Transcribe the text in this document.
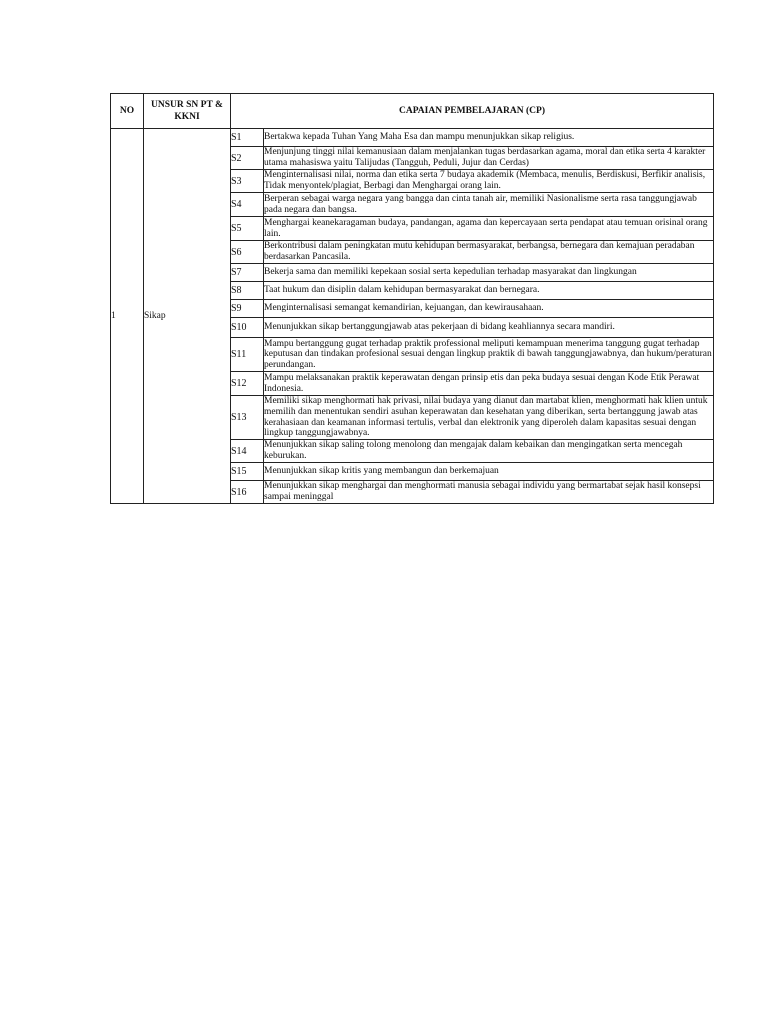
NO	UNSUR SN PT & KKNI	CAPAIAN PEMBELAJARAN (CP)	
1	Sikap	S1	Bertakwa kepada Tuhan Yang Maha Esa dan mampu menunjukkan sikap religius.
		S2	Menjunjung tinggi nilai kemanusiaan dalam menjalankan tugas berdasarkan agama, moral dan etika serta 4 karakter utama mahasiswa yaitu Talijudas (Tangguh, Peduli, Jujur dan Cerdas)
		S3	Menginternalisasi nilai, norma dan etika serta 7 budaya akademik (Membaca, menulis, Berdiskusi, Berfikir analisis, Tidak menyontek/plagiat, Berbagi dan Menghargai orang lain.
		S4	Berperan sebagai warga negara yang bangga dan cinta tanah air, memiliki Nasionalisme serta rasa tanggungjawab pada negara dan bangsa.
		S5	Menghargai keanekaragaman budaya, pandangan, agama dan kepercayaan serta pendapat atau temuan orisinal orang lain.
		S6	Berkontribusi dalam peningkatan mutu kehidupan bermasyarakat, berbangsa, bernegara dan kemajuan peradaban berdasarkan Pancasila.
		S7	Bekerja sama dan memiliki kepekaan sosial serta kepedulian terhadap masyarakat dan lingkungan
		S8	Taat hukum dan disiplin dalam kehidupan bermasyarakat dan bernegara.
		S9	Menginternalisasi semangat kemandirian, kejuangan, dan kewirausahaan.
		S10	Menunjukkan sikap bertanggungjawab atas pekerjaan di bidang keahliannya secara mandiri.
		S11	Mampu bertanggung gugat terhadap praktik professional meliputi kemampuan menerima tanggung gugat terhadap keputusan dan tindakan profesional sesuai dengan lingkup praktik di bawah tanggungjawabnya, dan hukum/peraturan perundangan.
		S12	Mampu melaksanakan praktik keperawatan dengan prinsip etis dan peka budaya sesuai dengan Kode Etik Perawat Indonesia.
		S13	Memiliki sikap menghormati hak privasi, nilai budaya yang dianut dan martabat klien, menghormati hak klien untuk memilih dan menentukan sendiri asuhan keperawatan dan kesehatan yang diberikan, serta bertanggung jawab atas kerahasiaan dan keamanan informasi tertulis, verbal dan elektronik yang diperoleh dalam kapasitas sesuai dengan lingkup tanggungjawabnya.
		S14	Menunjukkan sikap saling tolong menolong dan mengajak dalam kebaikan dan mengingatkan serta mencegah keburukan.
		S15	Menunjukkan sikap kritis yang membangun dan berkemajuan
		S16	Menunjukkan sikap menghargai dan menghormati manusia sebagai individu yang bermartabat sejak hasil konsepsi sampai meninggal
